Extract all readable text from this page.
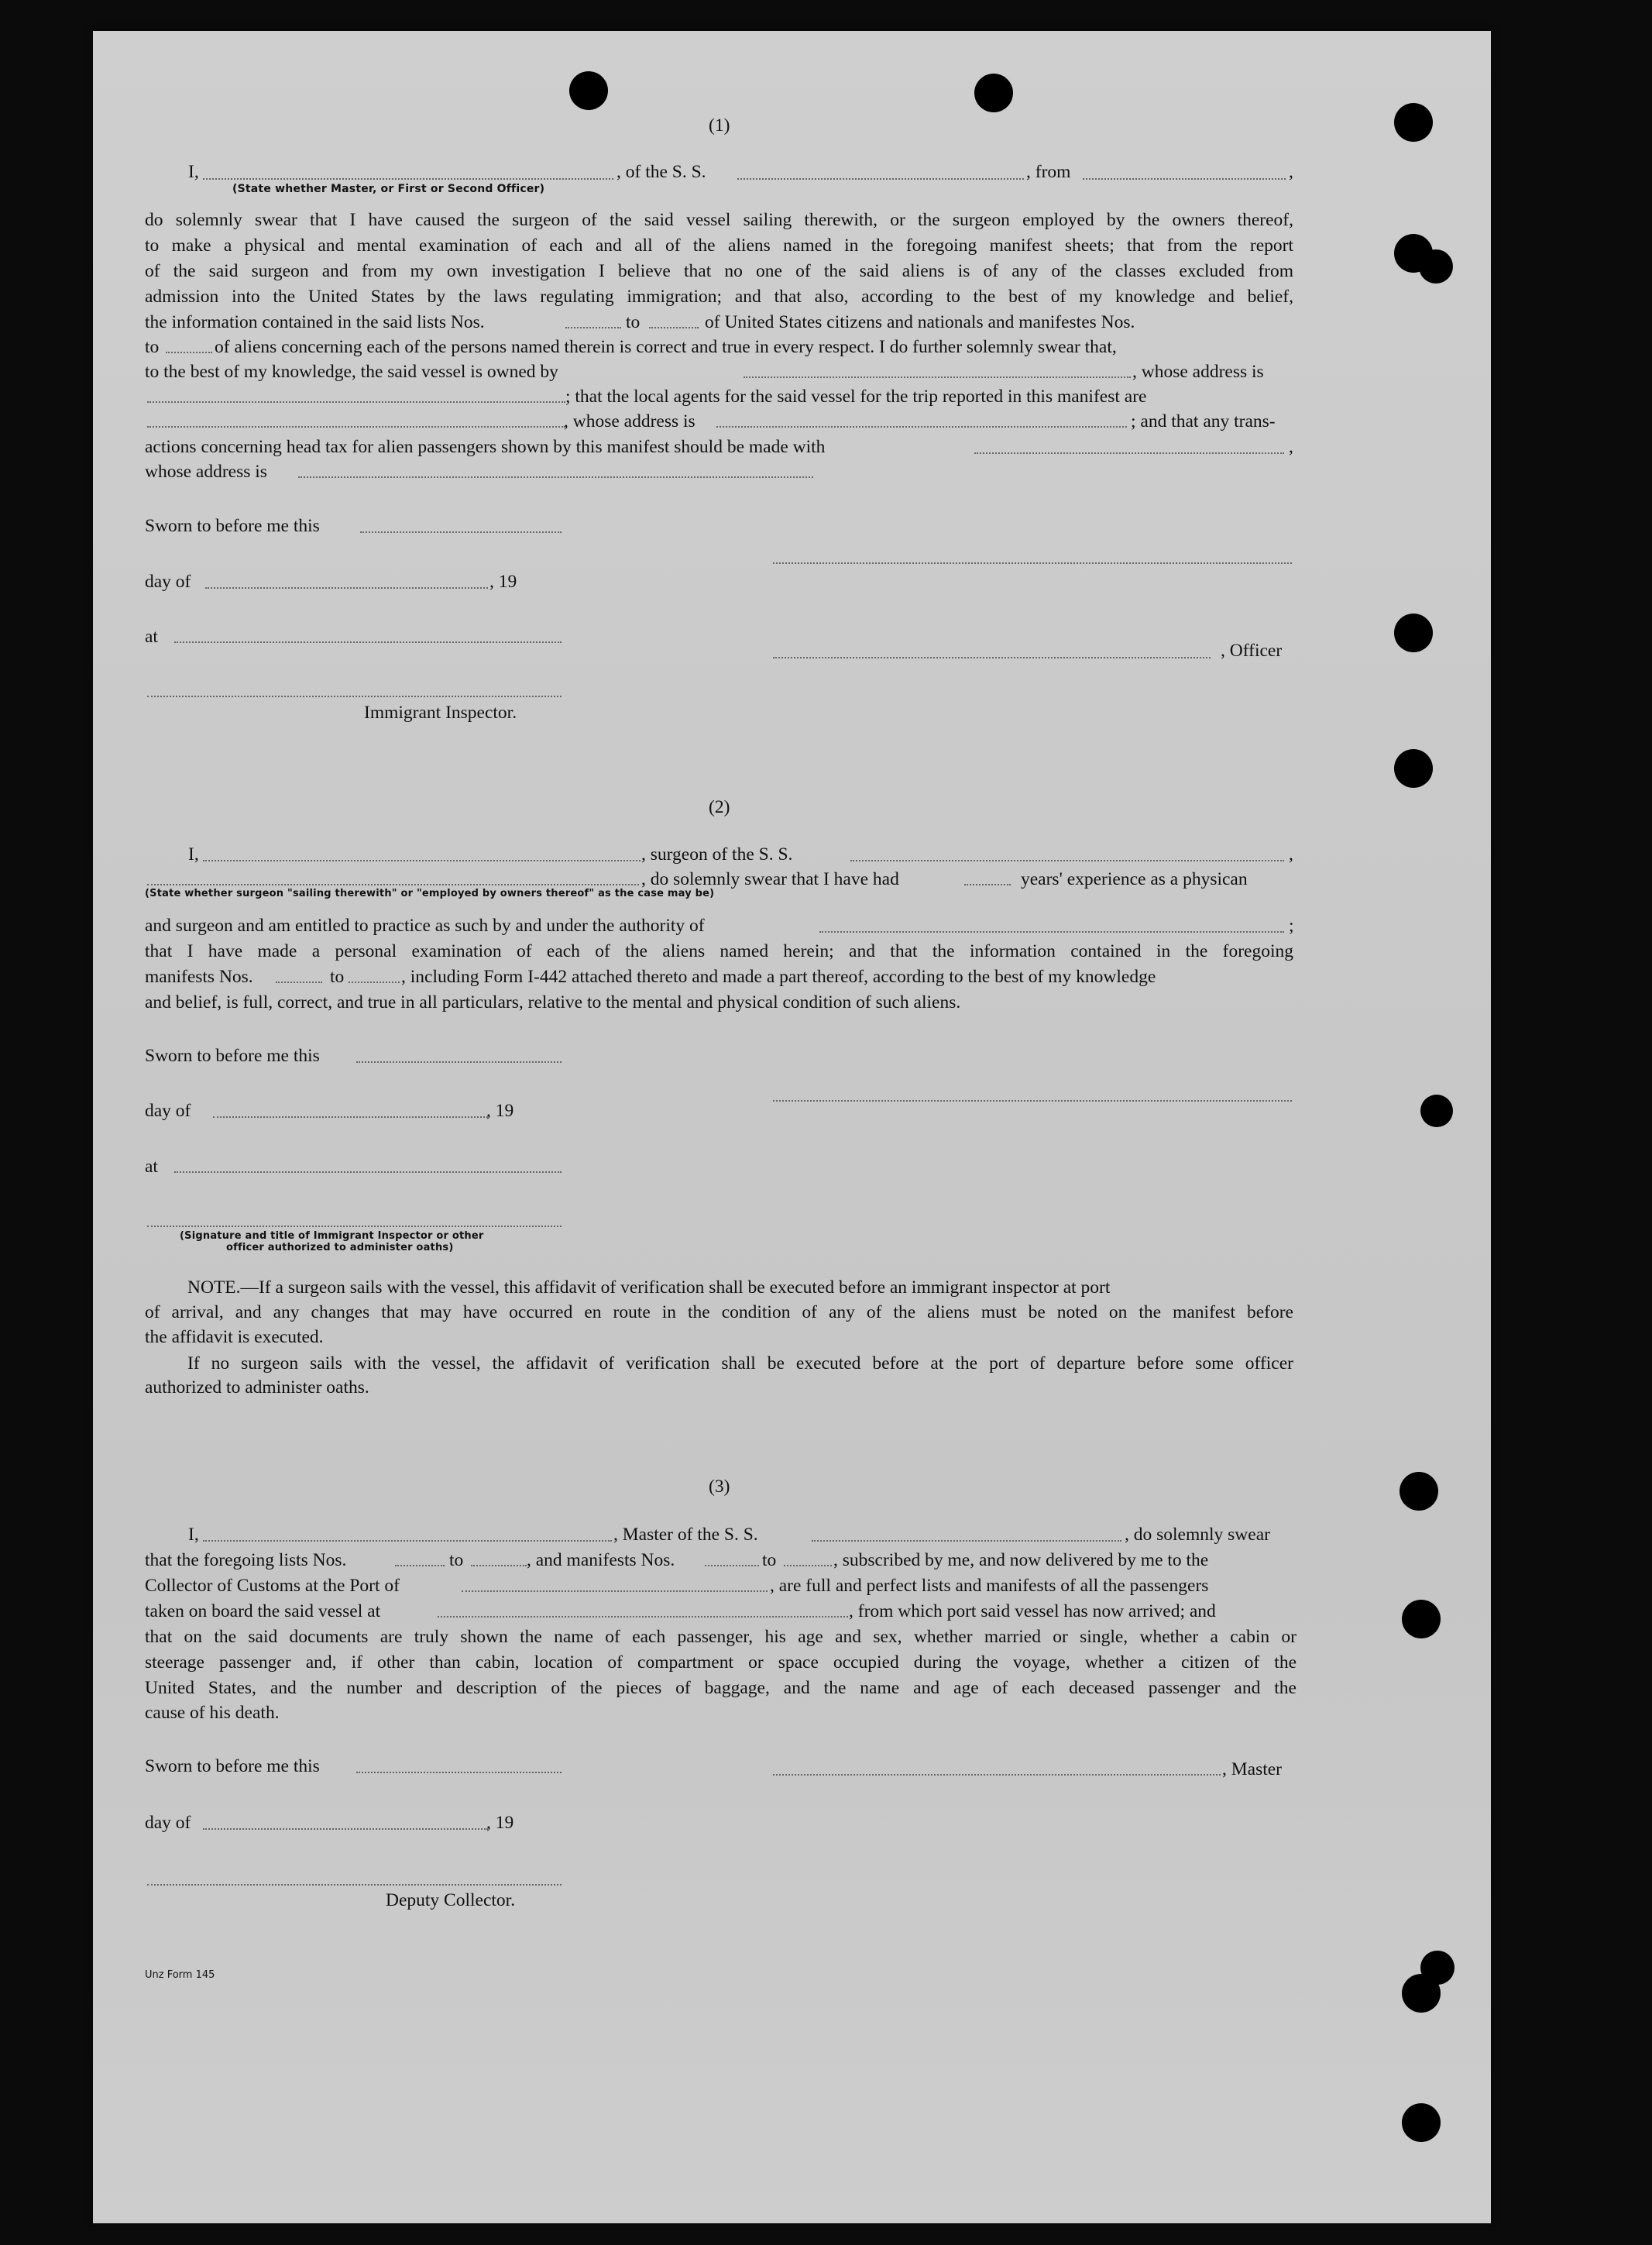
(1)
I,	, of the S. S.	, from	,
(State whether Master, or First or Second Officer)
do solemnly swear that I have caused the surgeon of the said vessel sailing therewith, or the surgeon employed by the owners thereof,
to make a physical and mental examination of each and all of the aliens named in the foregoing manifest sheets; that from the report
of the said surgeon and from my own investigation I believe that no one of the said aliens is of any of the classes excluded from
admission into the United States by the laws regulating immigration; and that also, according to the best of my knowledge and belief,
the information contained in the said lists Nos.	to	of United States citizens and nationals and manifestes Nos.
to	of aliens concerning each of the persons named therein is correct and true in every respect. I do further solemnly swear that,
to the best of my knowledge, the said vessel is owned by	, whose address is
; that the local agents for the said vessel for the trip reported in this manifest are
, whose address is	; and that any trans-
actions concerning head tax for alien passengers shown by this manifest should be made with	,
whose address is
Sworn to before me this
day of	, 19
at
, Officer
Immigrant Inspector.
(2)
I,	, surgeon of the S. S.	,
, do solemnly swear that I have had	years' experience as a physican
(State whether surgeon "sailing therewith" or "employed by owners thereof" as the case may be)
and surgeon and am entitled to practice as such by and under the authority of	;
that I have made a personal examination of each of the aliens named herein; and that the information contained in the foregoing
manifests Nos.	to	, including Form I-442 attached thereto and made a part thereof, according to the best of my knowledge
and belief, is full, correct, and true in all particulars, relative to the mental and physical condition of such aliens.
Sworn to before me this
day of	, 19
at
(Signature and title of Immigrant Inspector or other
officer authorized to administer oaths)
NOTE.—If a surgeon sails with the vessel, this affidavit of verification shall be executed before an immigrant inspector at port
of arrival, and any changes that may have occurred en route in the condition of any of the aliens must be noted on the manifest before
the affidavit is executed.
If no surgeon sails with the vessel, the affidavit of verification shall be executed before at the port of departure before some officer
authorized to administer oaths.
(3)
I,	, Master of the S. S.	, do solemnly swear
that the foregoing lists Nos.	to	, and manifests Nos.	to	, subscribed by me, and now delivered by me to the
Collector of Customs at the Port of	, are full and perfect lists and manifests of all the passengers
taken on board the said vessel at	, from which port said vessel has now arrived; and
that on the said documents are truly shown the name of each passenger, his age and sex, whether married or single, whether a cabin or
steerage passenger and, if other than cabin, location of compartment or space occupied during the voyage, whether a citizen of the
United States, and the number and description of the pieces of baggage, and the name and age of each deceased passenger and the
cause of his death.
Sworn to before me this	, Master
day of	, 19
Deputy Collector.
Unz Form 145
